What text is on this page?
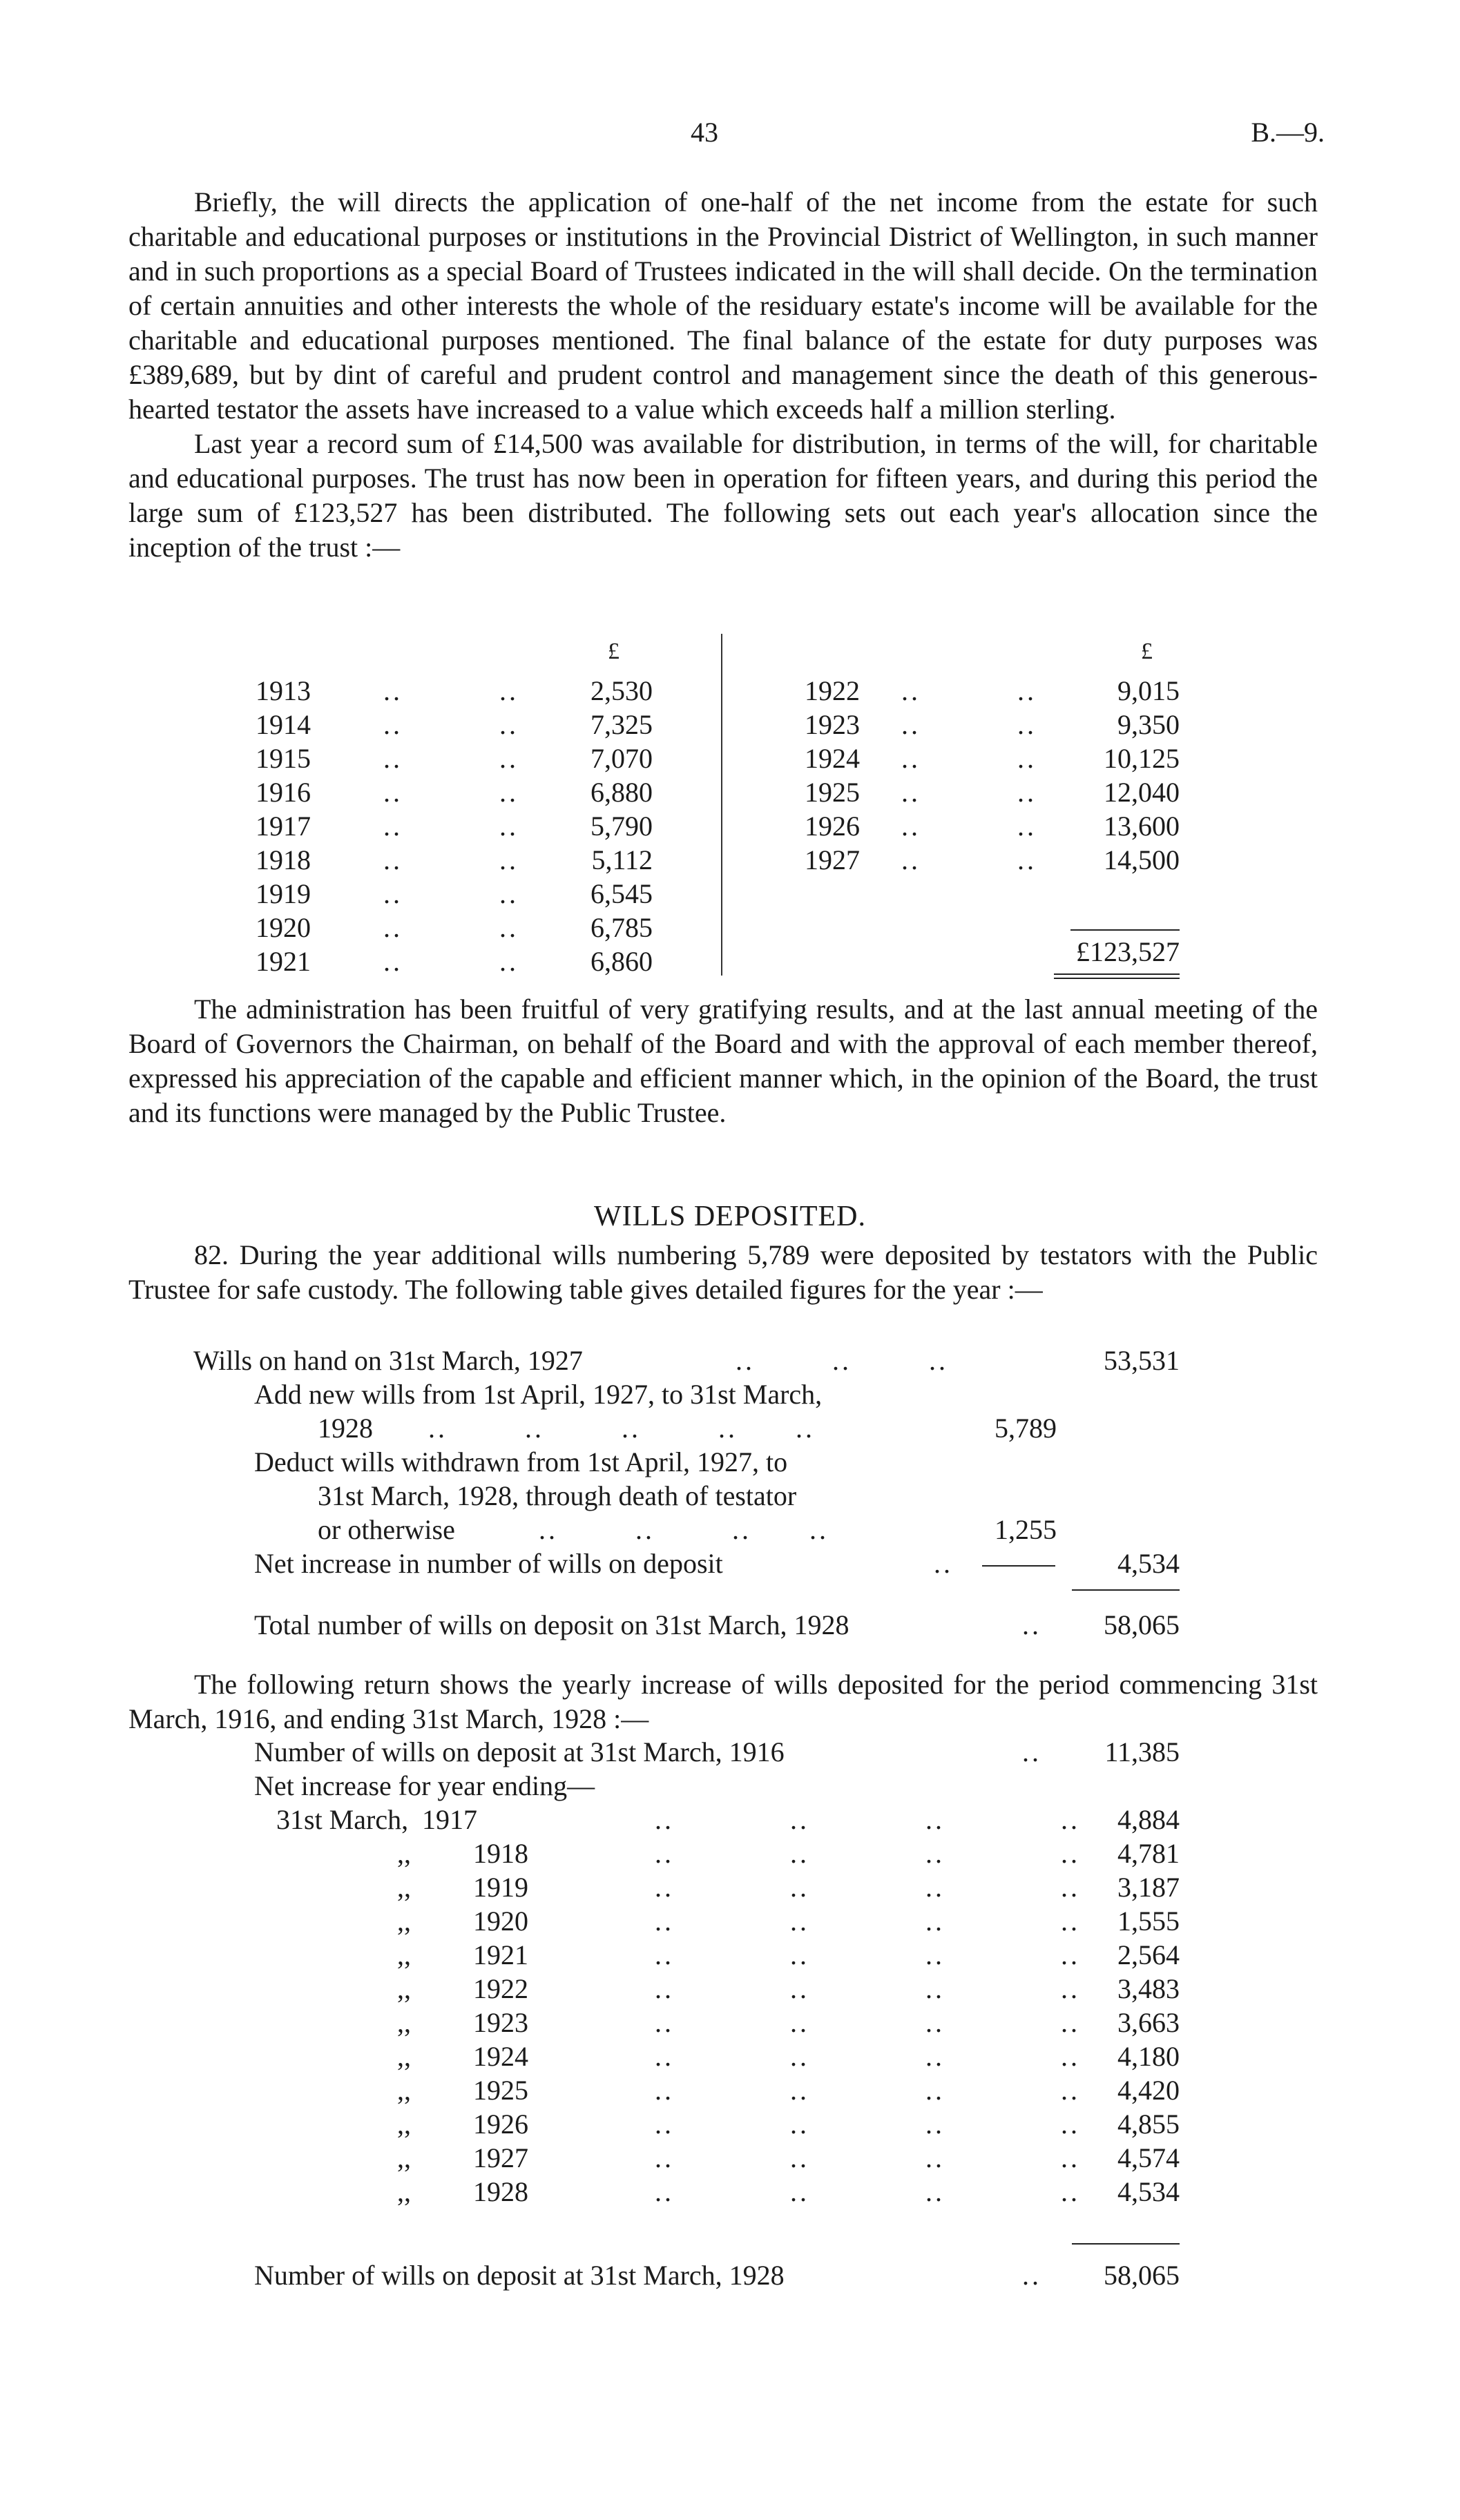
43	B.—9.

Briefly, the will directs the application of one-half of the net income from the estate for such charitable and educational purposes or institutions in the Provincial District of Wellington, in such manner and in such proportions as a special Board of Trustees indicated in the will shall decide. On the termination of certain annuities and other interests the whole of the residuary estate's income will be available for the charitable and educational purposes mentioned. The final balance of the estate for duty purposes was £389,689, but by dint of careful and prudent control and management since the death of this generous-hearted testator the assets have increased to a value which exceeds half a million sterling.

Last year a record sum of £14,500 was available for distribution, in terms of the will, for charitable and educational purposes. The trust has now been in operation for fifteen years, and during this period the large sum of £123,527 has been distributed. The following sets out each year's allocation since the inception of the trust :—

£	£
1913	..          ..	2,530
1914	..          ..	7,325
1915	..          ..	7,070
1916	..          ..	6,880
1917	..          ..	5,790
1918	..          ..	5,112
1919	..          ..	6,545
1920	..          ..	6,785
1921	..          ..	6,860
1922 ..          ..	9,015
1923 ..          ..	9,350
1924 ..          ..	10,125
1925 ..          ..	12,040
1926 ..          ..	13,600
1927 ..          ..	14,500
£123,527

The administration has been fruitful of very gratifying results, and at the last annual meeting of the Board of Governors the Chairman, on behalf of the Board and with the approval of each member thereof, expressed his appreciation of the capable and efficient manner which, in the opinion of the Board, the trust and its functions were managed by the Public Trustee.

WILLS DEPOSITED.

82. During the year additional wills numbering 5,789 were deposited by testators with the Public Trustee for safe custody. The following table gives detailed figures for the year :—

Wills on hand on 31st March, 1927	..        ..        ..	53,531
Add new wills from 1st April, 1927, to 31st March,
1928 ..        ..        ..        ..      ..	5,789
Deduct wills withdrawn from 1st April, 1927, to
31st March, 1928, through death of testator
or otherwise	..        ..        ..      ..	1,255
Net increase in number of wills on deposit	..	4,534
Total number of wills on deposit on 31st March, 1928	..	58,065

The following return shows the yearly increase of wills deposited for the period commencing 31st March, 1916, and ending 31st March, 1928 :—

Number of wills on deposit at 31st March, 1916	..	11,385
Net increase for year ending—
31st March, 1917	..            ..            ..            ..	4,884
,, 1918	..            ..            ..            ..	4,781
,, 1919	..            ..            ..            ..	3,187
,, 1920	..            ..            ..            ..	1,555
,, 1921	..            ..            ..            ..	2,564
,, 1922	..            ..            ..            ..	3,483
,, 1923	..            ..            ..            ..	3,663
,, 1924	..            ..            ..            ..	4,180
,, 1925	..            ..            ..            ..	4,420
,, 1926	..            ..            ..            ..	4,855
,, 1927	..            ..            ..            ..	4,574
,, 1928	..            ..            ..            ..	4,534
Number of wills on deposit at 31st March, 1928	..	58,065
